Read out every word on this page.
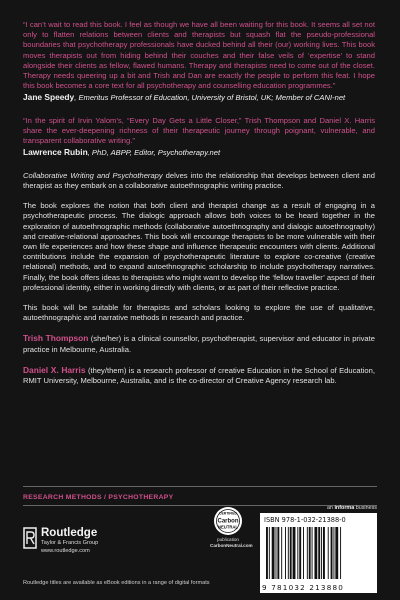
“I can’t wait to read this book. I feel as though we have all been waiting for this book. It seems all set not only to flatten relations between clients and therapists but squash flat the pseudo-professional boundaries that psychotherapy professionals have ducked behind all their (our) working lives. This book moves therapists out from hiding behind their couches and their false veils of ‘expertise’ to stand alongside their clients as fellow, flawed humans. Therapy and therapists need to come out of the closet. Therapy needs queering up a bit and Trish and Dan are exactly the people to perform this feat. I hope this book becomes a core text for all psychotherapy and counselling education programmes.”

Jane Speedy, Emeritus Professor of Education, University of Bristol, UK; Member of CANI-net

“In the spirit of Irvin Yalom’s, “Every Day Gets a Little Closer,” Trish Thompson and Daniel X. Harris share the ever-deepening richness of their therapeutic journey through poignant, vulnerable, and transparent collaborative writing.”

Lawrence Rubin, PhD, ABPP, Editor, Psychotherapy.net

Collaborative Writing and Psychotherapy delves into the relationship that develops between client and therapist as they embark on a collaborative autoethnographic writing practice.

The book explores the notion that both client and therapist change as a result of engaging in a psychotherapeutic process. The dialogic approach allows both voices to be heard together in the exploration of autoethnographic methods (collaborative autoethnography and dialogic autoethnography) and creative-relational approaches. This book will encourage therapists to be more vulnerable with their own life experiences and how these shape and influence therapeutic encounters with clients. Additional contributions include the expansion of psychotherapeutic literature to explore co-creative (creative relational) methods, and to expand autoethnographic scholarship to include psychotherapy narratives. Finally, the book offers ideas to therapists who might want to develop the ‘fellow traveller’ aspect of their professional identity, either in working directly with clients, or as part of their reflective practice.

This book will be suitable for therapists and scholars looking to explore the use of qualitative, autoethnographic and narrative methods in research and practice.

Trish Thompson (she/her) is a clinical counsellor, psychotherapist, supervisor and educator in private practice in Melbourne, Australia.

Daniel X. Harris (they/them) is a research professor of creative Education in the School of Education, RMIT University, Melbourne, Australia, and is the co-director of Creative Agency research lab.

RESEARCH METHODS / PSYCHOTHERAPY
Routledge
Taylor & Francis Group
www.routledge.com
CERTIFIED
Carbon
NEUTRAL
publication
CarbonNeutral.com
an informa business
ISBN 978-1-032-21388-0
9 781032 213880
Routledge titles are available as eBook editions in a range of digital formats
